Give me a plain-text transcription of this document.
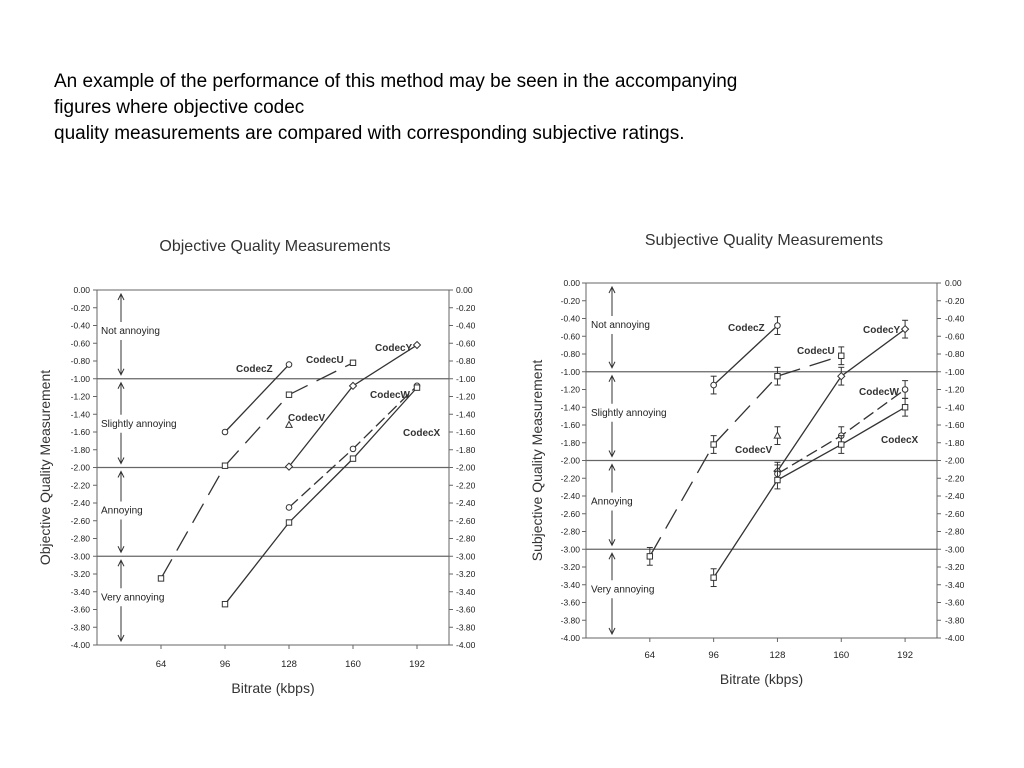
An example of the performance of this method may be seen in the accompanying
figures where objective codec
quality measurements are compared with corresponding subjective ratings.
Objective Quality Measurements
0.00	0.00
-0.20	-0.20
-0.40	-0.40
-0.60	-0.60
-0.80	-0.80
-1.00	-1.00
-1.20	-1.20
-1.40	-1.40
-1.60	-1.60
-1.80	-1.80
-2.00	-2.00
-2.20	-2.20
-2.40	-2.40
-2.60	-2.60
-2.80	-2.80
-3.00	-3.00
-3.20	-3.20
-3.40	-3.40
-3.60	-3.60
-3.80	-3.80
-4.00	-4.00
Not annoying
Slightly annoying
Annoying
Very annoying
64	96	128	160	192
Bitrate (kbps)
Objective Quality Measurement
CodecZ
CodecU
CodecY
CodecW
CodecX
CodecV
Subjective Quality Measurements
0.00	0.00
-0.20	-0.20
-0.40	-0.40
-0.60	-0.60
-0.80	-0.80
-1.00	-1.00
-1.20	-1.20
-1.40	-1.40
-1.60	-1.60
-1.80	-1.80
-2.00	-2.00
-2.20	-2.20
-2.40	-2.40
-2.60	-2.60
-2.80	-2.80
-3.00	-3.00
-3.20	-3.20
-3.40	-3.40
-3.60	-3.60
-3.80	-3.80
-4.00	-4.00
Not annoying
Slightly annoying
Annoying
Very annoying
64	96	128	160	192
Bitrate (kbps)
Subjective Quality Measurement
CodecZ
CodecU
CodecY
CodecW
CodecX
CodecV
